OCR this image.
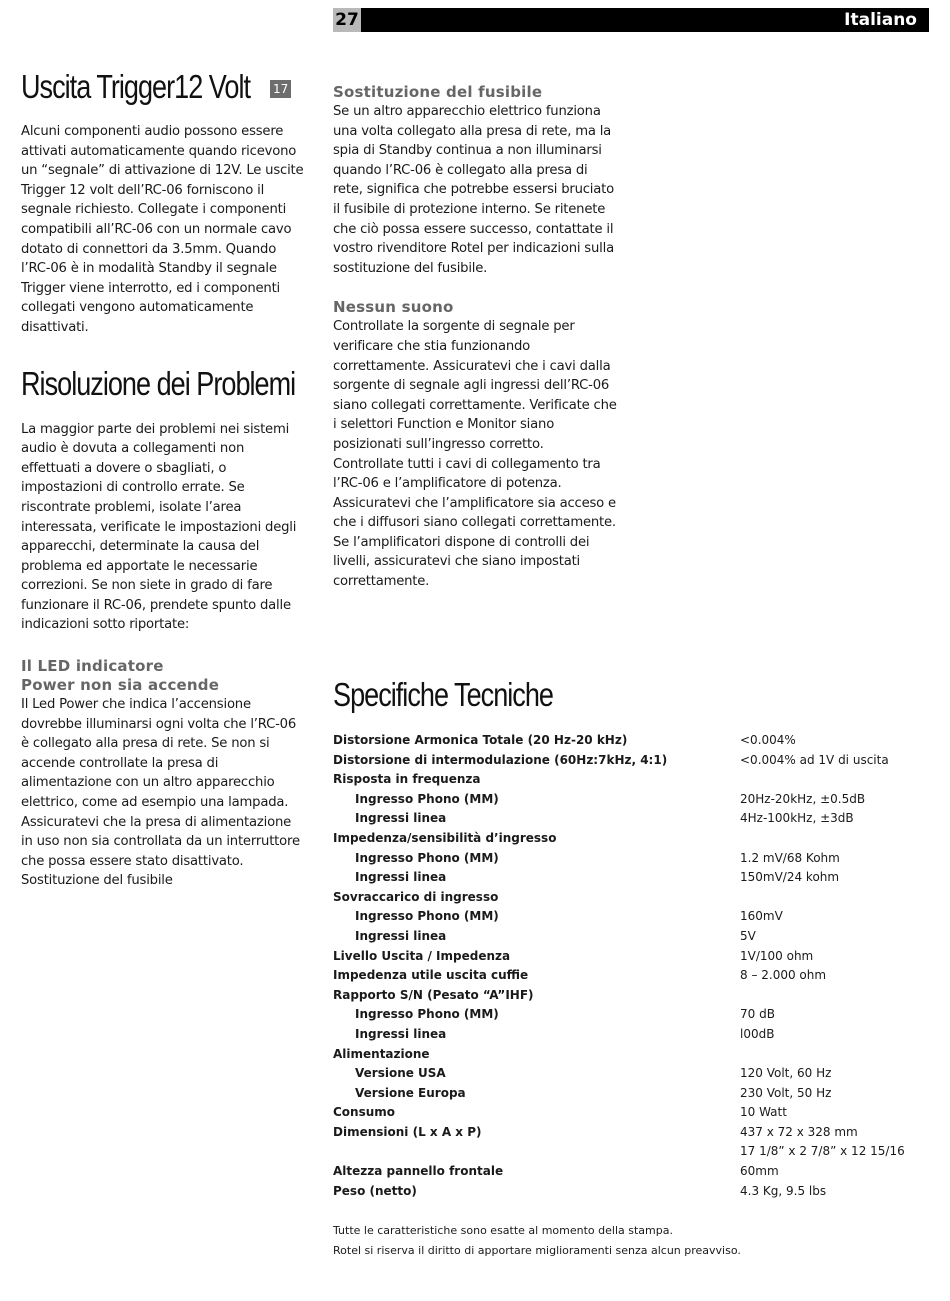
27	Italiano
Uscita Trigger12 Volt 17

Alcuni componenti audio possono essere attivati automaticamente quando ricevono un “segnale” di attivazione di 12V. Le uscite Trigger 12 volt dell’RC-06 forniscono il segnale richiesto. Collegate i componenti compatibili all’RC-06 con un normale cavo dotato di connettori da 3.5mm. Quando l’RC-06 è in modalità Standby il segnale Trigger viene interrotto, ed i componenti collegati vengono automaticamente disattivati.

Risoluzione dei Problemi

La maggior parte dei problemi nei sistemi audio è dovuta a collegamenti non effettuati a dovere o sbagliati, o impostazioni di controllo errate. Se riscontrate problemi, isolate l’area interessata, verificate le impostazioni degli apparecchi, determinate la causa del problema ed apportate le necessarie correzioni. Se non siete in grado di fare funzionare il RC-06, prendete spunto dalle indicazioni sotto riportate:

Il LED indicatore
Power non sia accende

Il Led Power che indica l’accensione dovrebbe illuminarsi ogni volta che l’RC-06 è collegato alla presa di rete. Se non si accende controllate la presa di alimentazione con un altro apparecchio elettrico, come ad esempio una lampada. Assicuratevi che la presa di alimentazione in uso non sia controllata da un interruttore che possa essere stato disattivato.

Sostituzione del fusibile

Sostituzione del fusibile

Se un altro apparecchio elettrico funziona una volta collegato alla presa di rete, ma la spia di Standby continua a non illuminarsi quando l’RC-06 è collegato alla presa di rete, significa che potrebbe essersi bruciato il fusibile di protezione interno. Se ritenete che ciò possa essere successo, contattate il vostro rivenditore Rotel per indicazioni sulla sostituzione del fusibile.

Nessun suono

Controllate la sorgente di segnale per verificare che stia funzionando correttamente. Assicuratevi che i cavi dalla sorgente di segnale agli ingressi dell’RC-06 siano collegati correttamente. Verificate che i selettori Function e Monitor siano posizionati sull’ingresso corretto. Controllate tutti i cavi di collegamento tra l’RC-06 e l’amplificatore di potenza. Assicuratevi che l’amplificatore sia acceso e che i diffusori siano collegati correttamente. Se l’amplificatori dispone di controlli dei livelli, assicuratevi che siano impostati correttamente.

Specifiche Tecniche
Distorsione Armonica Totale (20 Hz-20 kHz)	<0.004%
Distorsione di intermodulazione (60Hz:7kHz, 4:1)	<0.004% ad 1V di uscita
Risposta in frequenza	
Ingresso Phono (MM)	20Hz-20kHz, ±0.5dB
Ingressi linea	4Hz-100kHz, ±3dB
Impedenza/sensibilità d’ingresso	
Ingresso Phono (MM)	1.2 mV/68 Kohm
Ingressi linea	150mV/24 kohm
Sovraccarico di ingresso	
Ingresso Phono (MM)	160mV
Ingressi linea	5V
Livello Uscita / Impedenza	1V/100 ohm
Impedenza utile uscita cuffie	8 – 2.000 ohm
Rapporto S/N (Pesato “A”IHF)	
Ingresso Phono (MM)	70 dB
Ingressi linea	l00dB
Alimentazione	
Versione USA	120 Volt, 60 Hz
Versione Europa	230 Volt, 50 Hz
Consumo	10 Watt
Dimensioni (L x A x P)	437 x 72 x 328 mm
	17 1/8” x 2 7/8” x 12 15/16
Altezza pannello frontale	60mm
Peso (netto)	4.3 Kg, 9.5 lbs

Tutte le caratteristiche sono esatte al momento della stampa.

Rotel si riserva il diritto di apportare miglioramenti senza alcun preavviso.
